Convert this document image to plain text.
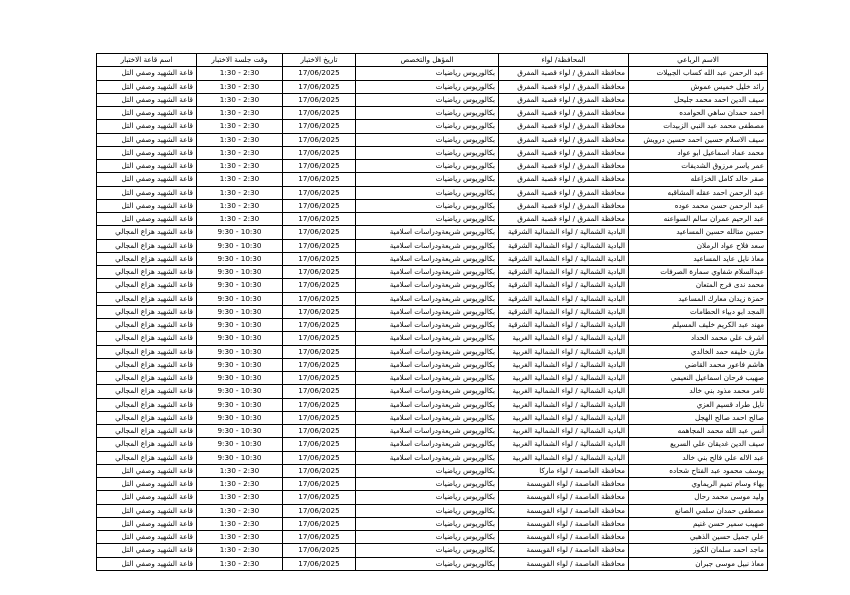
الاسم الرباعي	المحافظة/ لواء	المؤهل والتخصص	تاريخ الاختبار	وقت جلسة الاختبار	اسم قاعة الاختبار
عبد الرحمن عبد الله كساب الجبيلات	محافظة المفرق / لواء قصبة المفرق	بكالوريوس رياضيات	17/06/2025	1:30 - 2:30	قاعة الشهيد وصفي التل
رائد خليل خميس عموش	محافظة المفرق / لواء قصبة المفرق	بكالوريوس رياضيات	17/06/2025	1:30 - 2:30	قاعة الشهيد وصفي التل
سيف الدين احمد محمد جليحل	محافظة المفرق / لواء قصبة المفرق	بكالوريوس رياضيات	17/06/2025	1:30 - 2:30	قاعة الشهيد وصفي التل
احمد حمدان ساهي الحوامده	محافظة المفرق / لواء قصبة المفرق	بكالوريوس رياضيات	17/06/2025	1:30 - 2:30	قاعة الشهيد وصفي التل
مصطفى محمد عبد النبي الزبيدات	محافظة المفرق / لواء قصبة المفرق	بكالوريوس رياضيات	17/06/2025	1:30 - 2:30	قاعة الشهيد وصفي التل
سيف الاسلام حسين احمد حسين درويش	محافظة المفرق / لواء قصبة المفرق	بكالوريوس رياضيات	17/06/2025	1:30 - 2:30	قاعة الشهيد وصفي التل
محمد عماد اسماعيل ابو عواد	محافظة المفرق / لواء قصبة المفرق	بكالوريوس رياضيات	17/06/2025	1:30 - 2:30	قاعة الشهيد وصفي التل
عمر ياسر مرزوق الشديفات	محافظة المفرق / لواء قصبة المفرق	بكالوريوس رياضيات	17/06/2025	1:30 - 2:30	قاعة الشهيد وصفي التل
صقر خالد كامل الخزاعله	محافظة المفرق / لواء قصبة المفرق	بكالوريوس رياضيات	17/06/2025	1:30 - 2:30	قاعة الشهيد وصفي التل
عبد الرحمن احمد عقله المشاقبه	محافظة المفرق / لواء قصبة المفرق	بكالوريوس رياضيات	17/06/2025	1:30 - 2:30	قاعة الشهيد وصفي التل
عبد الرحمن حسن محمد عوده	محافظة المفرق / لواء قصبة المفرق	بكالوريوس رياضيات	17/06/2025	1:30 - 2:30	قاعة الشهيد وصفي التل
عبد الرحيم عمران سالم السواعنه	محافظة المفرق / لواء قصبة المفرق	بكالوريوس رياضيات	17/06/2025	1:30 - 2:30	قاعة الشهيد وصفي التل
حسين متالله حسين المساعيد	البادية الشمالية / لواء الشمالية الشرقية	بكالوريوس شريعةودراسات اسلامية	17/06/2025	9:30 - 10:30	قاعة الشهيد هزاع المجالي
سعد فلاح عواد الرملان	البادية الشمالية / لواء الشمالية الشرقية	بكالوريوس شريعةودراسات اسلامية	17/06/2025	9:30 - 10:30	قاعة الشهيد هزاع المجالي
معاذ نايل عايد المساعيد	البادية الشمالية / لواء الشمالية الشرقية	بكالوريوس شريعةودراسات اسلامية	17/06/2025	9:30 - 10:30	قاعة الشهيد هزاع المجالي
عبدالسلام شفاوي سمارة الصرفات	البادية الشمالية / لواء الشمالية الشرقية	بكالوريوس شريعةودراسات اسلامية	17/06/2025	9:30 - 10:30	قاعة الشهيد هزاع المجالي
محمد ندى فرج المتعان	البادية الشمالية / لواء الشمالية الشرقية	بكالوريوس شريعةودراسات اسلامية	17/06/2025	9:30 - 10:30	قاعة الشهيد هزاع المجالي
حمزة زيدان معارك المساعيد	البادية الشمالية / لواء الشمالية الشرقية	بكالوريوس شريعةودراسات اسلامية	17/06/2025	9:30 - 10:30	قاعة الشهيد هزاع المجالي
المجد ابو دبياء الحطامات	البادية الشمالية / لواء الشمالية الشرقية	بكالوريوس شريعةودراسات اسلامية	17/06/2025	9:30 - 10:30	قاعة الشهيد هزاع المجالي
مهند عبد الكريم خليف المسيلم	البادية الشمالية / لواء الشمالية الشرقية	بكالوريوس شريعةودراسات اسلامية	17/06/2025	9:30 - 10:30	قاعة الشهيد هزاع المجالي
اشرف علي محمد الحداد	البادية الشمالية / لواء الشمالية الغربية	بكالوريوس شريعةودراسات اسلامية	17/06/2025	9:30 - 10:30	قاعة الشهيد هزاع المجالي
مازن خليفه حمد الخالدي	البادية الشمالية / لواء الشمالية الغربية	بكالوريوس شريعةودراسات اسلامية	17/06/2025	9:30 - 10:30	قاعة الشهيد هزاع المجالي
هاشم فاعور محمد القاضي	البادية الشمالية / لواء الشمالية الغربية	بكالوريوس شريعةودراسات اسلامية	17/06/2025	9:30 - 10:30	قاعة الشهيد هزاع المجالي
صهيب فرحان اسماعيل النعيمي	البادية الشمالية / لواء الشمالية الغربية	بكالوريوس شريعةودراسات اسلامية	17/06/2025	9:30 - 10:30	قاعة الشهيد هزاع المجالي
ثامر محمد مذود بني خالد	البادية الشمالية / لواء الشمالية الغربية	بكالوريوس شريعةودراسات اسلامية	17/06/2025	9:30 - 10:30	قاعة الشهيد هزاع المجالي
نايل طراد قسيم العزي	البادية الشمالية / لواء الشمالية الغربية	بكالوريوس شريعةودراسات اسلامية	17/06/2025	9:30 - 10:30	قاعة الشهيد هزاع المجالي
صالح احمد صالح الهجل	البادية الشمالية / لواء الشمالية الغربية	بكالوريوس شريعةودراسات اسلامية	17/06/2025	9:30 - 10:30	قاعة الشهيد هزاع المجالي
أنس عبد الله محمد المجاهمه	البادية الشمالية / لواء الشمالية الغربية	بكالوريوس شريعةودراسات اسلامية	17/06/2025	9:30 - 10:30	قاعة الشهيد هزاع المجالي
سيف الدين غديقان علي السريع	البادية الشمالية / لواء الشمالية الغربية	بكالوريوس شريعةودراسات اسلامية	17/06/2025	9:30 - 10:30	قاعة الشهيد هزاع المجالي
عبد الاله علي فالح بني خالد	البادية الشمالية / لواء الشمالية الغربية	بكالوريوس شريعةودراسات اسلامية	17/06/2025	9:30 - 10:30	قاعة الشهيد هزاع المجالي
يوسف محمود عبد الفتاح شحاده	محافظة العاصمة / لواء ماركا	بكالوريوس رياضيات	17/06/2025	1:30 - 2:30	قاعة الشهيد وصفي التل
بهاء وسام تميم الريماوي	محافظة العاصمة / لواء القويسمة	بكالوريوس رياضيات	17/06/2025	1:30 - 2:30	قاعة الشهيد وصفي التل
وليد موسى محمد رحال	محافظة العاصمة / لواء القويسمة	بكالوريوس رياضيات	17/06/2025	1:30 - 2:30	قاعة الشهيد وصفي التل
مصطفى حمدان سلمي الصانع	محافظة العاصمة / لواء القويسمة	بكالوريوس رياضيات	17/06/2025	1:30 - 2:30	قاعة الشهيد وصفي التل
صهيب سمير حسن غنيم	محافظة العاصمة / لواء القويسمة	بكالوريوس رياضيات	17/06/2025	1:30 - 2:30	قاعة الشهيد وصفي التل
علي جميل حسين الذهبي	محافظة العاصمة / لواء القويسمة	بكالوريوس رياضيات	17/06/2025	1:30 - 2:30	قاعة الشهيد وصفي التل
ماجد احمد سلمان الكوز	محافظة العاصمة / لواء القويسمة	بكالوريوس رياضيات	17/06/2025	1:30 - 2:30	قاعة الشهيد وصفي التل
معاذ نبيل موسى جبران	محافظة العاصمة / لواء القويسمة	بكالوريوس رياضيات	17/06/2025	1:30 - 2:30	قاعة الشهيد وصفي التل
